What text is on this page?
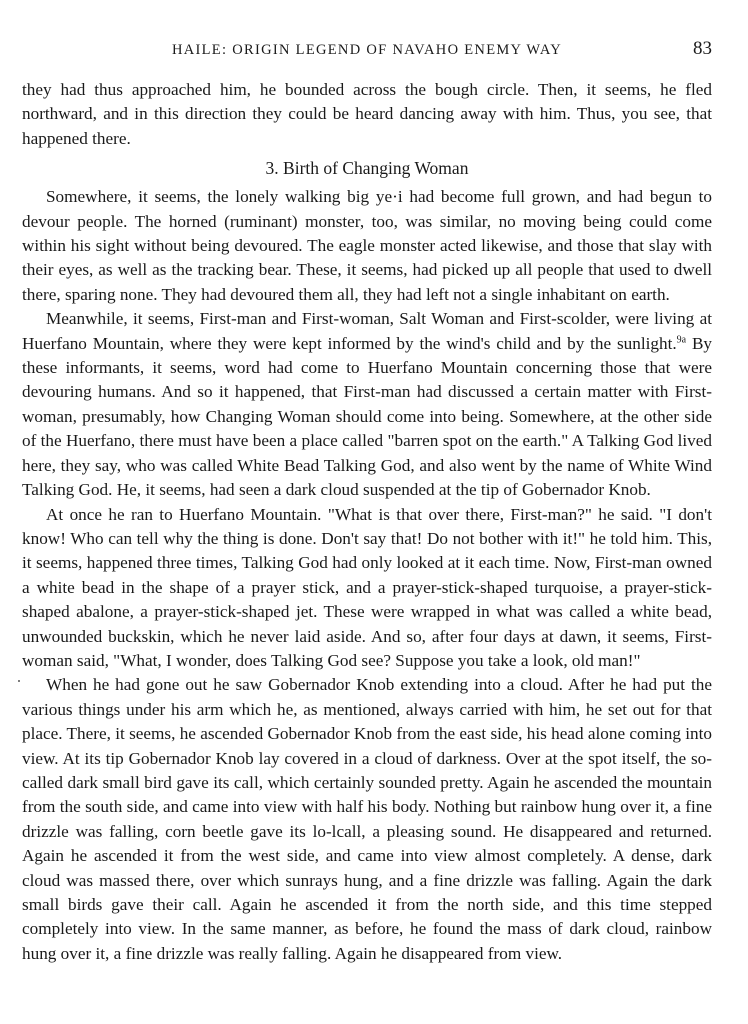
HAILE: ORIGIN LEGEND OF NAVAHO ENEMY WAY	83

they had thus approached him, he bounded across the bough circle. Then, it seems, he fled northward, and in this direction they could be heard dancing away with him. Thus, you see, that happened there.

3. Birth of Changing Woman

Somewhere, it seems, the lonely walking big ye·i had become full grown, and had begun to devour people. The horned (ruminant) monster, too, was similar, no moving being could come within his sight without being devoured. The eagle monster acted likewise, and those that slay with their eyes, as well as the tracking bear. These, it seems, had picked up all people that used to dwell there, sparing none. They had devoured them all, they had left not a single inhabitant on earth.

Meanwhile, it seems, First-man and First-woman, Salt Woman and First-scolder, were living at Huerfano Mountain, where they were kept informed by the wind's child and by the sunlight.$^{9a}$ By these informants, it seems, word had come to Huerfano Mountain concerning those that were devouring humans. And so it happened, that First-man had discussed a certain matter with First-woman, presumably, how Changing Woman should come into being. Somewhere, at the other side of the Huerfano, there must have been a place called "barren spot on the earth." A Talking God lived here, they say, who was called White Bead Talking God, and also went by the name of White Wind Talking God. He, it seems, had seen a dark cloud suspended at the tip of Gobernador Knob.

At once he ran to Huerfano Mountain. "What is that over there, First-man?" he said. "I don't know! Who can tell why the thing is done. Don't say that! Do not bother with it!" he told him. This, it seems, happened three times, Talking God had only looked at it each time. Now, First-man owned a white bead in the shape of a prayer stick, and a prayer-stick-shaped turquoise, a prayer-stick-shaped abalone, a prayer-stick-shaped jet. These were wrapped in what was called a white bead, unwounded buckskin, which he never laid aside. And so, after four days at dawn, it seems, First-woman said, "What, I wonder, does Talking God see? Suppose you take a look, old man!"

When he had gone out he saw Gobernador Knob extending into a cloud. After he had put the various things under his arm which he, as mentioned, always carried with him, he set out for that place. There, it seems, he ascended Gobernador Knob from the east side, his head alone coming into view. At its tip Gobernador Knob lay covered in a cloud of darkness. Over at the spot itself, the so-called dark small bird gave its call, which certainly sounded pretty. Again he ascended the mountain from the south side, and came into view with half his body. Nothing but rainbow hung over it, a fine drizzle was falling, corn beetle gave its lo-lcall, a pleasing sound. He disappeared and returned. Again he ascended it from the west side, and came into view almost completely. A dense, dark cloud was massed there, over which sunrays hung, and a fine drizzle was falling. Again the dark small birds gave their call. Again he ascended it from the north side, and this time stepped completely into view. In the same manner, as before, he found the mass of dark cloud, rainbow hung over it, a fine drizzle was really falling. Again he disappeared from view.
